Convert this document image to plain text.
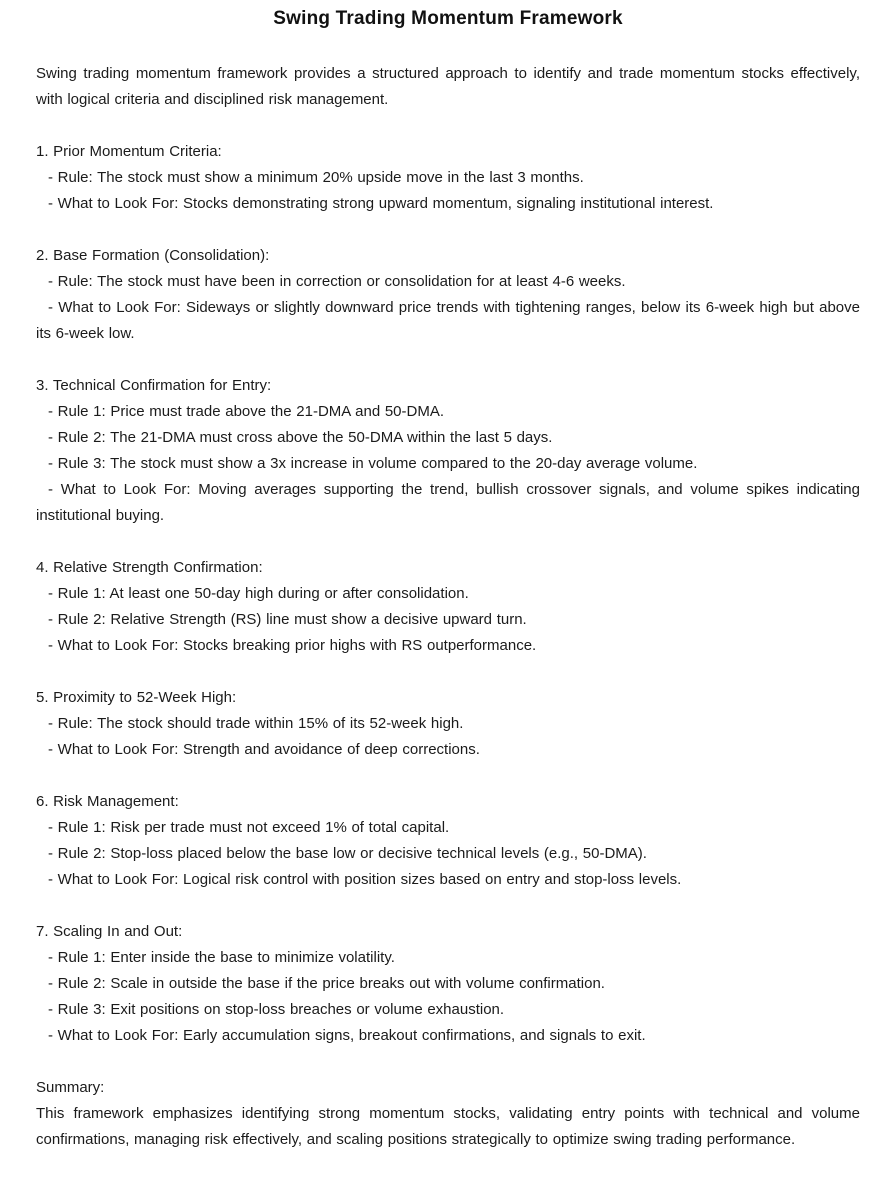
Swing Trading Momentum Framework

Swing trading momentum framework provides a structured approach to identify and trade momentum stocks effectively, with logical criteria and disciplined risk management.

1. Prior Momentum Criteria:

- Rule: The stock must show a minimum 20% upside move in the last 3 months.

- What to Look For: Stocks demonstrating strong upward momentum, signaling institutional interest.

2. Base Formation (Consolidation):

- Rule: The stock must have been in correction or consolidation for at least 4-6 weeks.

- What to Look For: Sideways or slightly downward price trends with tightening ranges, below its 6-week high but above its 6-week low.

3. Technical Confirmation for Entry:

- Rule 1: Price must trade above the 21-DMA and 50-DMA.

- Rule 2: The 21-DMA must cross above the 50-DMA within the last 5 days.

- Rule 3: The stock must show a 3x increase in volume compared to the 20-day average volume.

- What to Look For: Moving averages supporting the trend, bullish crossover signals, and volume spikes indicating institutional buying.

4. Relative Strength Confirmation:

- Rule 1: At least one 50-day high during or after consolidation.

- Rule 2: Relative Strength (RS) line must show a decisive upward turn.

- What to Look For: Stocks breaking prior highs with RS outperformance.

5. Proximity to 52-Week High:

- Rule: The stock should trade within 15% of its 52-week high.

- What to Look For: Strength and avoidance of deep corrections.

6. Risk Management:

- Rule 1: Risk per trade must not exceed 1% of total capital.

- Rule 2: Stop-loss placed below the base low or decisive technical levels (e.g., 50-DMA).

- What to Look For: Logical risk control with position sizes based on entry and stop-loss levels.

7. Scaling In and Out:

- Rule 1: Enter inside the base to minimize volatility.

- Rule 2: Scale in outside the base if the price breaks out with volume confirmation.

- Rule 3: Exit positions on stop-loss breaches or volume exhaustion.

- What to Look For: Early accumulation signs, breakout confirmations, and signals to exit.

Summary:

This framework emphasizes identifying strong momentum stocks, validating entry points with technical and volume confirmations, managing risk effectively, and scaling positions strategically to optimize swing trading performance.
